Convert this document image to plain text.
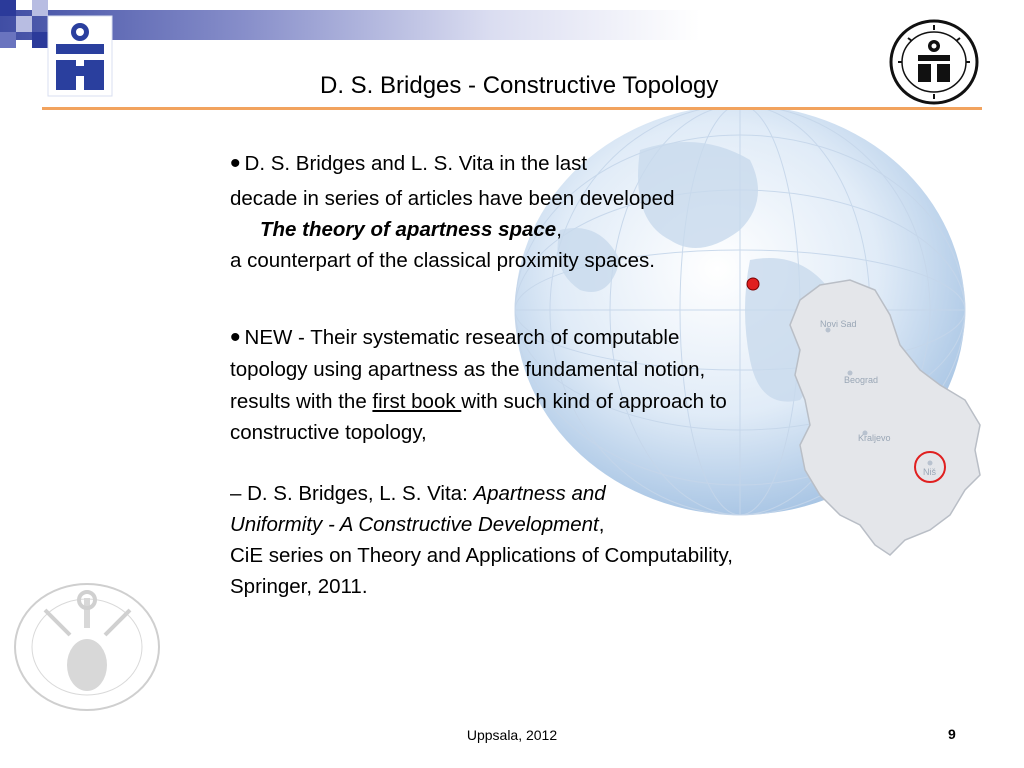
Novi Sad
Beograd
Kraljevo
Niš
D. S. Bridges - Constructive Topology
• D. S. Bridges and L. S. Vita in the last
decade in series of articles have been developed
The theory of apartness space,
a counterpart of the classical proximity spaces.
• NEW - Their systematic research of computable
topology using apartness as the fundamental notion,
results with the first book with such kind of approach to
constructive topology,
– D. S. Bridges, L. S. Vita: Apartness and
Uniformity - A Constructive Development,
CiE series on Theory and Applications of Computability,
Springer, 2011.
Uppsala, 2012	9
